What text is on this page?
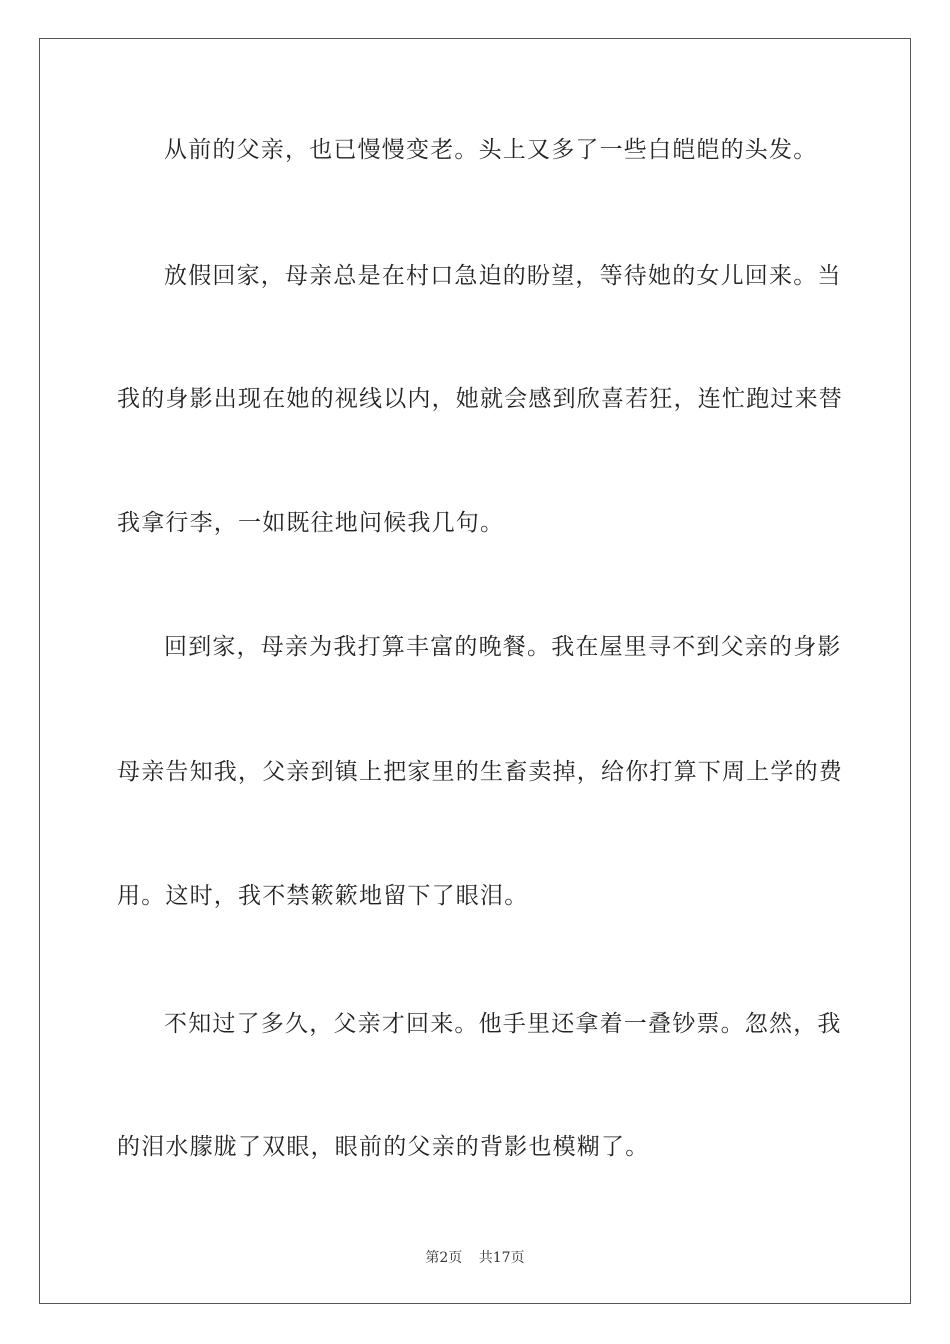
从前的父亲，也已慢慢变老。头上又多了一些白皑皑的头发。
放假回家，母亲总是在村口急迫的盼望，等待她的女儿回来。当
我的身影出现在她的视线以内，她就会感到欣喜若狂，连忙跑过来替
我拿行李，一如既往地问候我几句。
回到家，母亲为我打算丰富的晚餐。我在屋里寻不到父亲的身影
母亲告知我，父亲到镇上把家里的生畜卖掉，给你打算下周上学的费
用。这时，我不禁簌簌地留下了眼泪。
不知过了多久，父亲才回来。他手里还拿着一叠钞票。忽然，我
的泪水朦胧了双眼，眼前的父亲的背影也模糊了。
第2页 共17页
